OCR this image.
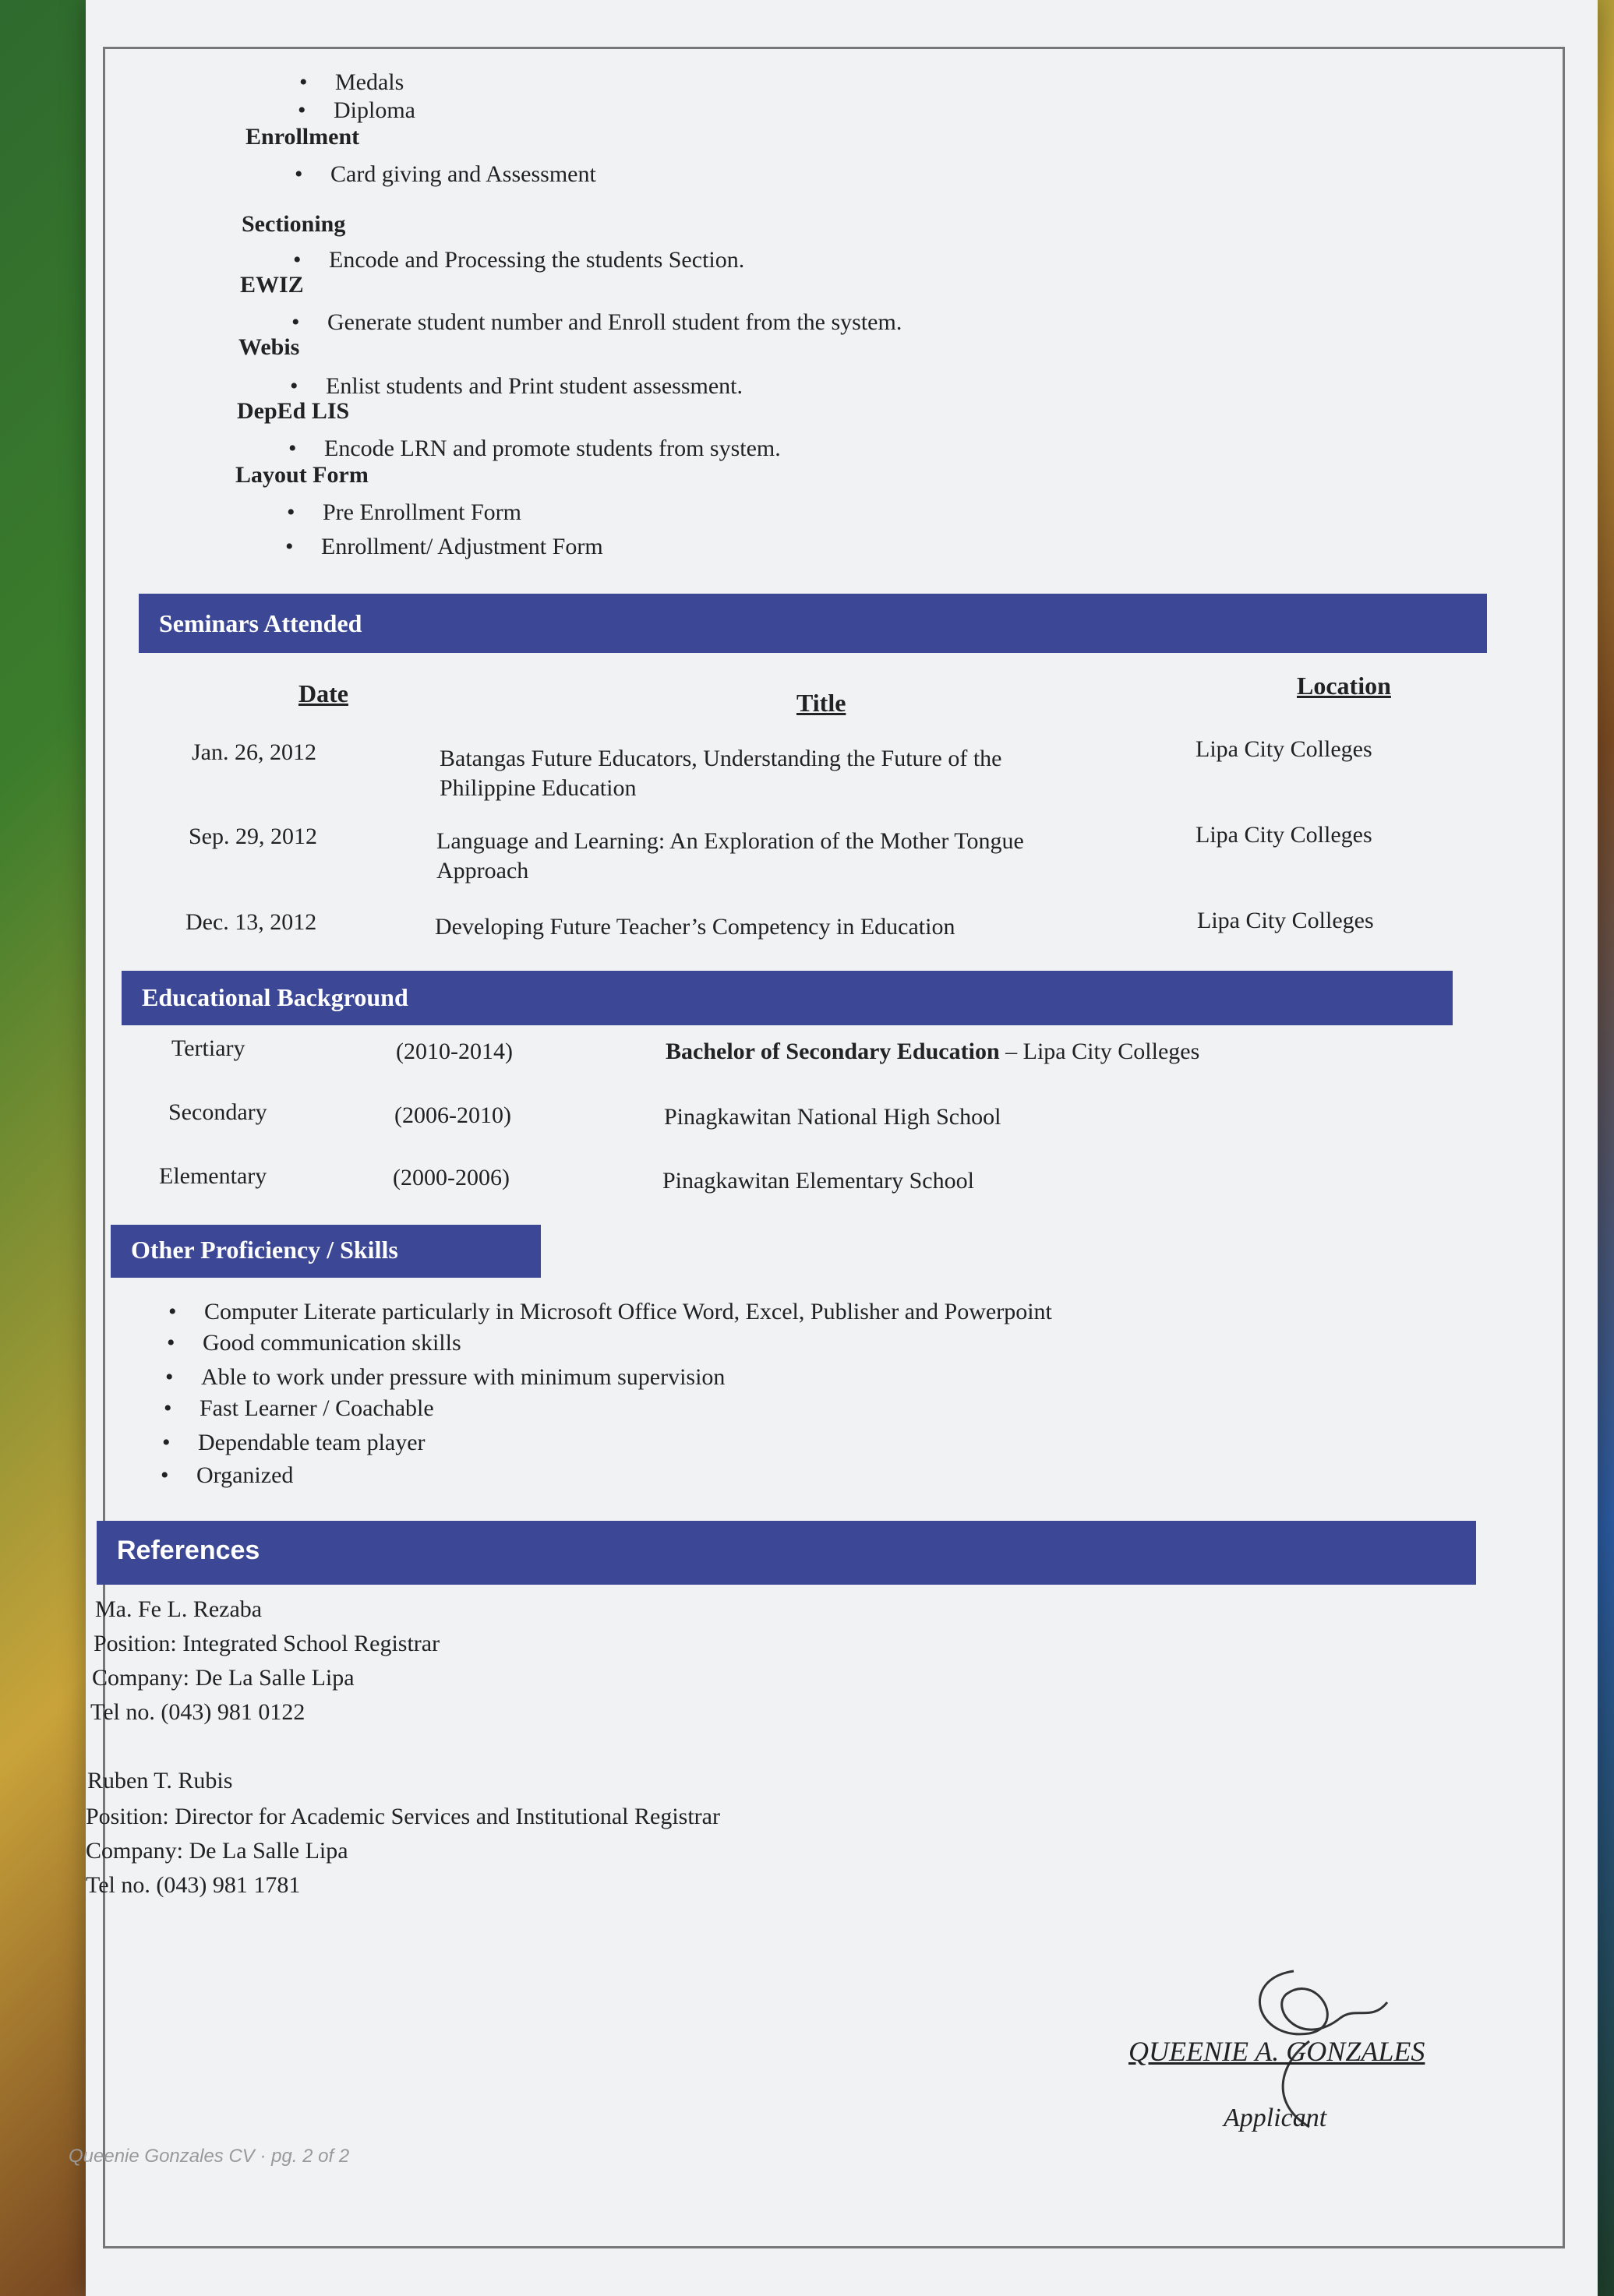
• Medals
• Diploma
Enrollment
• Card giving and Assessment
Sectioning
• Encode and Processing the students Section.
EWIZ
• Generate student number and Enroll student from the system.
Webis
• Enlist students and Print student assessment.
DepEd LIS
• Encode LRN and promote students from system.
Layout Form
• Pre Enrollment Form
• Enrollment/ Adjustment Form
Seminars Attended
Date	Title
Location
Jan. 26, 2012	Batangas Future Educators, Understanding the Future of the
Philippine Education
Lipa City Colleges
Sep. 29, 2012	Language and Learning: An Exploration of the Mother Tongue
Approach
Lipa City Colleges
Dec. 13, 2012	Developing Future Teacher’s Competency in Education	Lipa City Colleges
Educational Background
Tertiary	(2010-2014)	Bachelor of Secondary Education – Lipa City Colleges
Secondary	(2006-2010)	Pinagkawitan National High School
Elementary	(2000-2006)	Pinagkawitan Elementary School
Other Proficiency / Skills
• Computer Literate particularly in Microsoft Office Word, Excel, Publisher and Powerpoint
• Good communication skills
• Able to work under pressure with minimum supervision
• Fast Learner / Coachable
• Dependable team player
• Organized
References
Ma. Fe L. Rezaba
Position: Integrated School Registrar
Company: De La Salle Lipa
Tel no. (043) 981 0122
Ruben T. Rubis
Position: Director for Academic Services and Institutional Registrar
Company: De La Salle Lipa
Tel no. (043) 981 1781
QUEENIE A. GONZALES
Applicant
Queenie Gonzales CV · pg. 2 of 2
